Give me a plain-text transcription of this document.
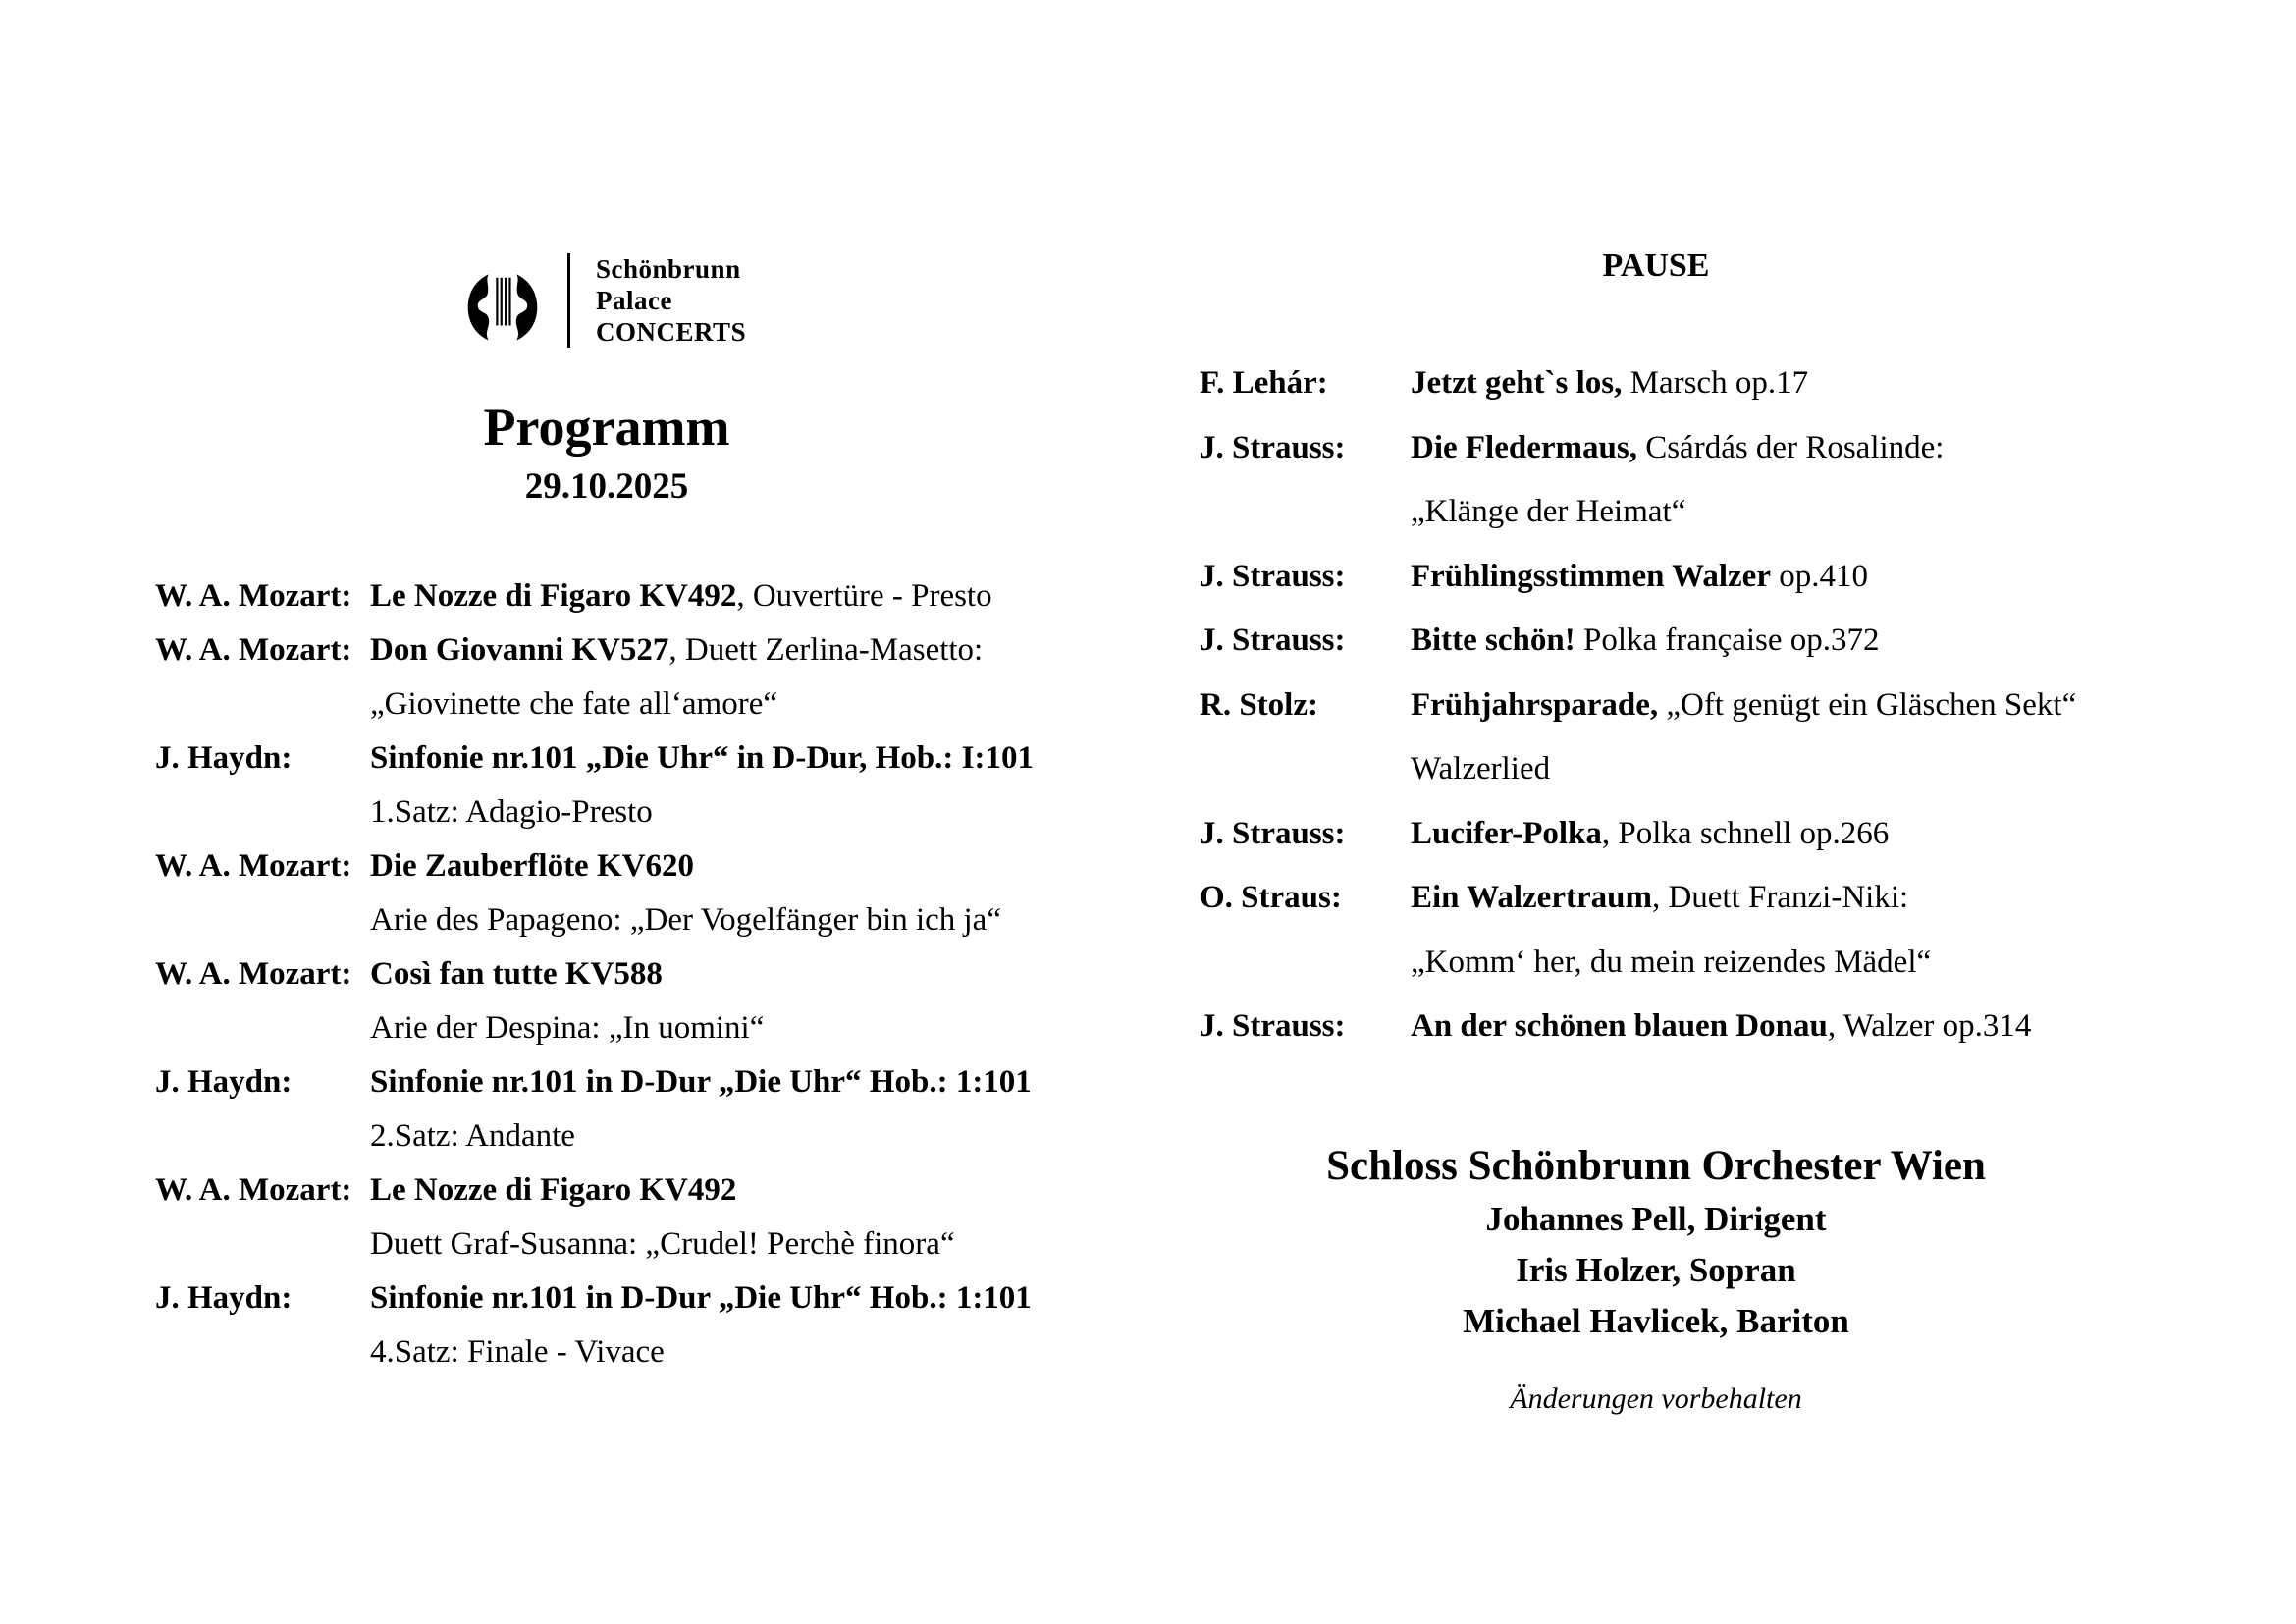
Schönbrunn
Palace
CONCERTS
Programm
29.10.2025
W. A. Mozart: Le Nozze di Figaro KV492, Ouvertüre - Presto
W. A. Mozart: Don Giovanni KV527, Duett Zerlina-Masetto:
„Giovinette che fate all‘amore“
J. Haydn:	Sinfonie nr.101 „Die Uhr“ in D-Dur, Hob.: I:101
1.Satz: Adagio-Presto
W. A. Mozart: Die Zauberflöte KV620
Arie des Papageno: „Der Vogelfänger bin ich ja“
W. A. Mozart: Così fan tutte KV588
Arie der Despina: „In uomini“
J. Haydn:	Sinfonie nr.101 in D-Dur „Die Uhr“ Hob.: 1:101
2.Satz: Andante
W. A. Mozart: Le Nozze di Figaro KV492
Duett Graf-Susanna: „Crudel! Perchè finora“
J. Haydn:	Sinfonie nr.101 in D-Dur „Die Uhr“ Hob.: 1:101
4.Satz: Finale - Vivace
PAUSE
F. Lehár:	Jetzt geht`s los, Marsch op.17
J. Strauss:	Die Fledermaus, Csárdás der Rosalinde:
„Klänge der Heimat“
J. Strauss:	Frühlingsstimmen Walzer op.410
J. Strauss:	Bitte schön! Polka française op.372
R. Stolz:	Frühjahrsparade, „Oft genügt ein Gläschen Sekt“
Walzerlied
J. Strauss:	Lucifer-Polka, Polka schnell op.266
O. Straus:	Ein Walzertraum, Duett Franzi-Niki:
„Komm‘ her, du mein reizendes Mädel“
J. Strauss:	An der schönen blauen Donau, Walzer op.314
Schloss Schönbrunn Orchester Wien
Johannes Pell, Dirigent
Iris Holzer, Sopran
Michael Havlicek, Bariton
Änderungen vorbehalten
